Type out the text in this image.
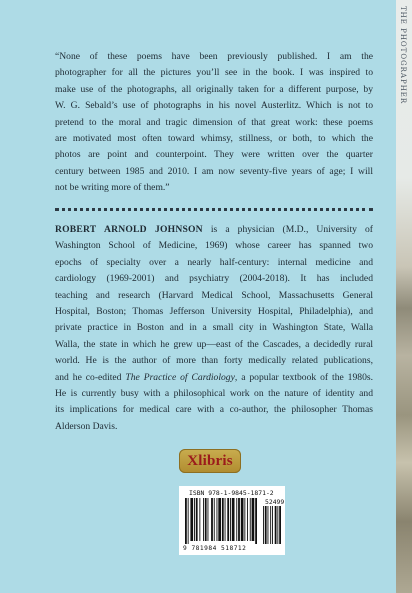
“None of these poems have been previously published. I am the
photographer for all the pictures you’ll see in the book. I was inspired to
make use of the photographs, all originally taken for a different purpose, by
W. G. Sebald’s use of photographs in his novel Austerlitz. Which is not to
pretend to the moral and tragic dimension of that great work: these poems
are motivated most often toward whimsy, stillness, or both, to which the
photos are point and counterpoint. They were written over the quarter
century between 1985 and 2010. I am now seventy-five years of age; I will
not be writing more of them.”
ROBERT ARNOLD JOHNSON is a physician (M.D., University of
Washington School of Medicine, 1969) whose career has spanned two
epochs of specialty over a nearly half-century: internal medicine and
cardiology (1969-2001) and psychiatry (2004-2018). It has included
teaching and research (Harvard Medical School, Massachusetts General
Hospital, Boston; Thomas Jefferson University Hospital, Philadelphia), and
private practice in Boston and in a small city in Washington State, Walla
Walla, the state in which he grew up—east of the Cascades, a decidedly rural
world. He is the author of more than forty medically related publications,
and he co-edited The Practice of Cardiology, a popular textbook of the 1980s.
He is currently busy with a philosophical work on the nature of identity and
its implications for medical care with a co-author, the philosopher Thomas
Alderson Davis.
Xlibris
ISBN 978-1-9845-1871-2
52499
9 781984 518712
THE PHOTOGRAPHER
